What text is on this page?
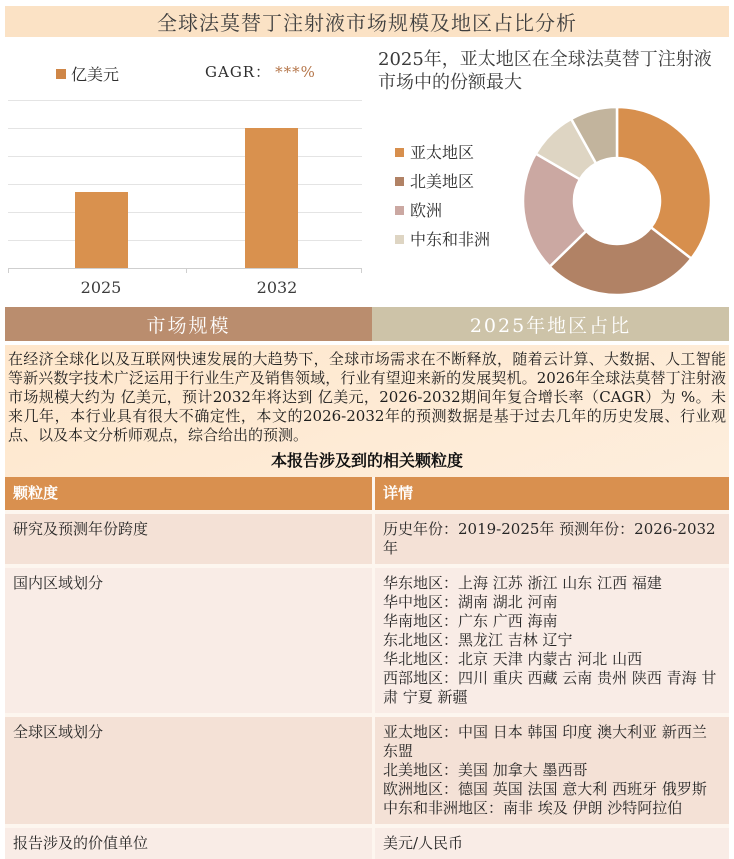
全球法莫替丁注射液市场规模及地区占比分析
亿美元	GAGR： ***%
2025	2032
2025年，亚太地区在全球法莫替丁注射液市场中的份额最大
亚太地区
北美地区
欧洲
中东和非洲
市场规模	2025年地区占比

在经济全球化以及互联网快速发展的大趋势下，全球市场需求在不断释放，随着云计算、大数据、人工智能等新兴数字技术广泛运用于行业生产及销售领域，行业有望迎来新的发展契机。2026年全球法莫替丁注射液市场规模大约为 亿美元，预计2032年将达到 亿美元，2026-2032期间年复合增长率（CAGR）为 %。未来几年，本行业具有很大不确定性，本文的2026-2032年的预测数据是基于过去几年的历史发展、行业观点、以及本文分析师观点，综合给出的预测。

本报告涉及到的相关颗粒度
颗粒度	详情
研究及预测年份跨度	历史年份：2019-2025年 预测年份：2026-2032年
国内区域划分	华东地区：上海 江苏 浙江 山东 江西 福建
华中地区：湖南 湖北 河南
华南地区：广东 广西 海南
东北地区：黑龙江 吉林 辽宁
华北地区：北京 天津 内蒙古 河北 山西
西部地区：四川 重庆 西藏 云南 贵州 陕西 青海 甘肃 宁夏 新疆
全球区域划分	亚太地区：中国 日本 韩国 印度 澳大利亚 新西兰 东盟
北美地区：美国 加拿大 墨西哥
欧洲地区：德国 英国 法国 意大利 西班牙 俄罗斯
中东和非洲地区：南非 埃及 伊朗 沙特阿拉伯
报告涉及的价值单位	美元/人民币
